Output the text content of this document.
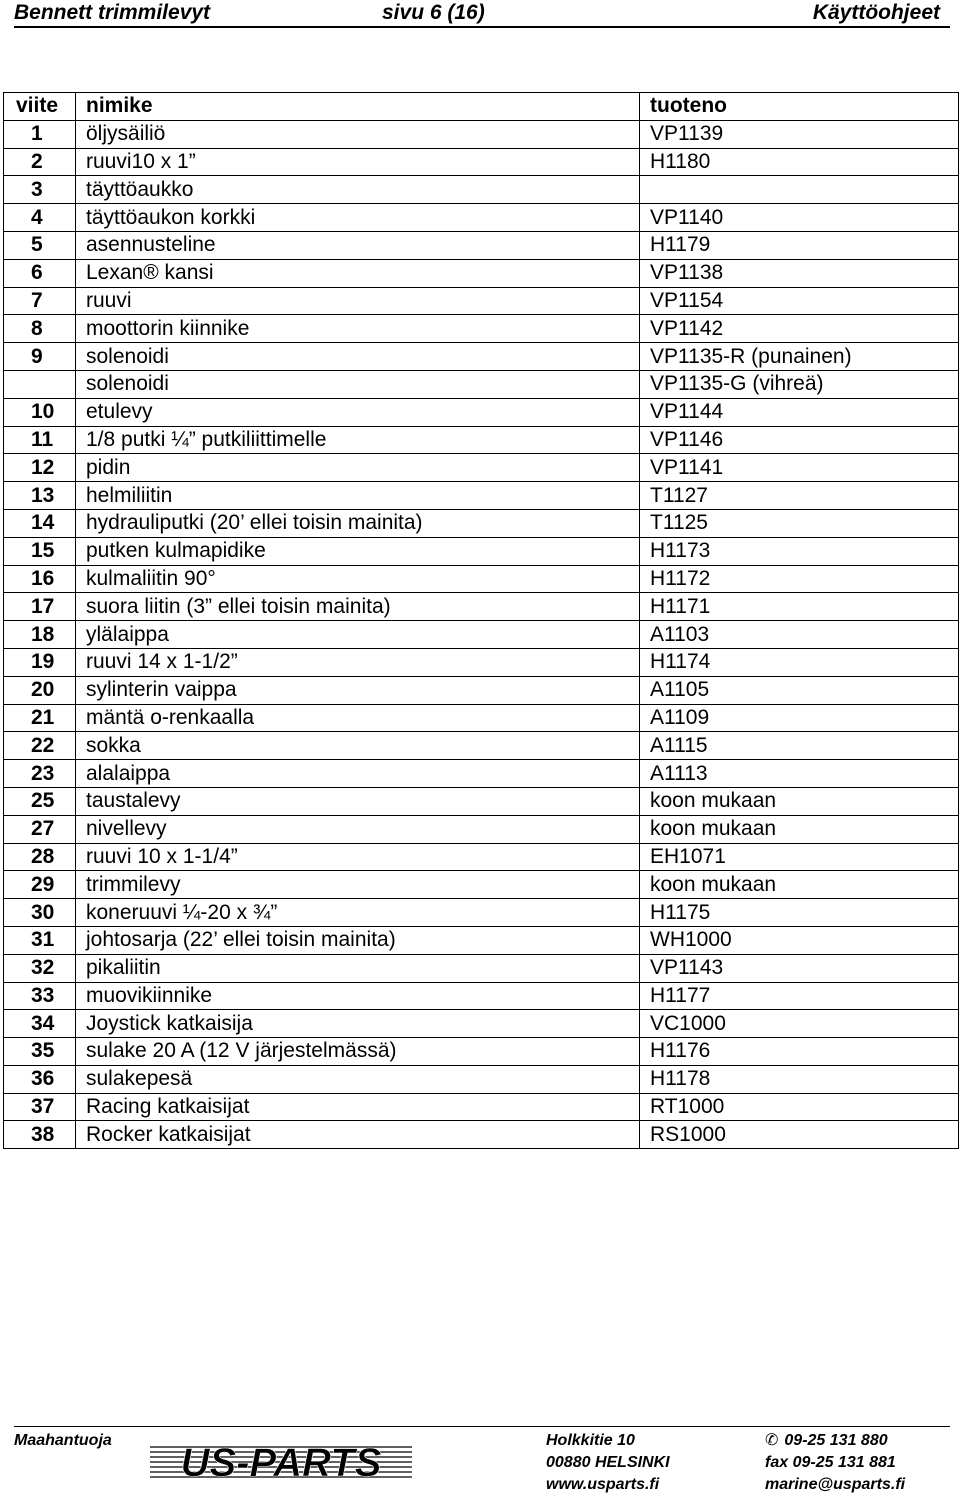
Bennett trimmilevyt	sivu 6 (16)	Käyttöohjeet
viite	nimike	tuoteno
1	öljysäiliö	VP1139
2	ruuvi10 x 1”	H1180
3	täyttöaukko	
4	täyttöaukon korkki	VP1140
5	asennusteline	H1179
6	Lexan® kansi	VP1138
7	ruuvi	VP1154
8	moottorin kiinnike	VP1142
9	solenoidi	VP1135-R (punainen)
	solenoidi	VP1135-G (vihreä)
10	etulevy	VP1144
11	1/8 putki ¼” putkiliittimelle	VP1146
12	pidin	VP1141
13	helmiliitin	T1127
14	hydrauliputki (20’ ellei toisin mainita)	T1125
15	putken kulmapidike	H1173
16	kulmaliitin 90°	H1172
17	suora liitin (3” ellei toisin mainita)	H1171
18	ylälaippa	A1103
19	ruuvi 14 x 1-1/2”	H1174
20	sylinterin vaippa	A1105
21	mäntä o-renkaalla	A1109
22	sokka	A1115
23	alalaippa	A1113
25	taustalevy	koon mukaan
27	nivellevy	koon mukaan
28	ruuvi 10 x 1-1/4”	EH1071
29	trimmilevy	koon mukaan
30	koneruuvi ¼-20 x ¾”	H1175
31	johtosarja (22’ ellei toisin mainita)	WH1000
32	pikaliitin	VP1143
33	muovikiinnike	H1177
34	Joystick katkaisija	VC1000
35	sulake 20 A (12 V järjestelmässä)	H1176
36	sulakepesä	H1178
37	Racing katkaisijat	RT1000
38	Rocker katkaisijat	RS1000
Maahantuoja
US-PARTS
Holkkitie 10
00880 HELSINKI
www.usparts.fi
✆ 09-25 131 880
fax 09-25 131 881
marine@usparts.fi
